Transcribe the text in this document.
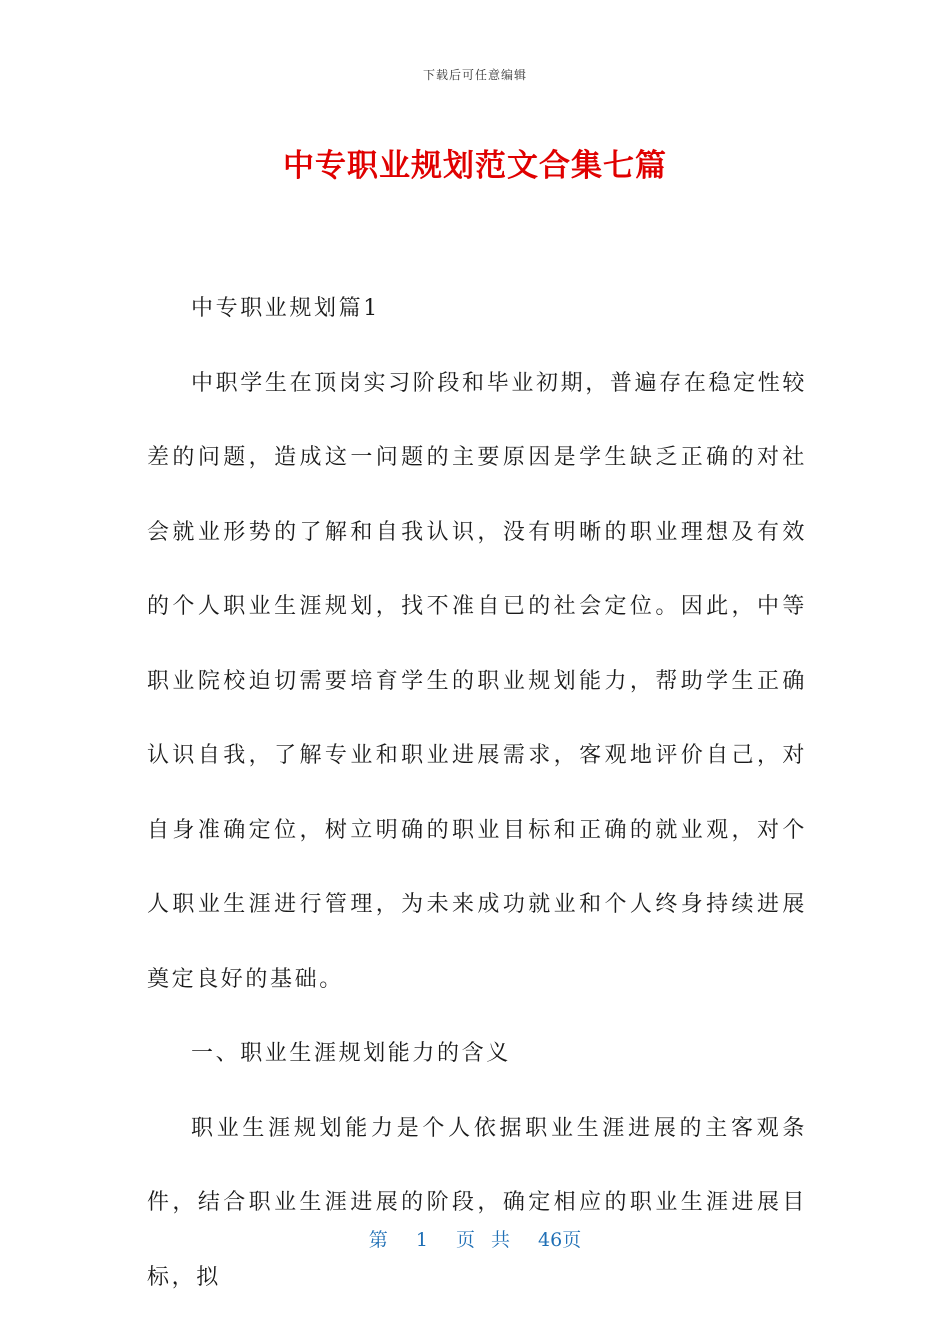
下载后可任意编辑
中专职业规划范文合集七篇

中专职业规划篇1

中职学生在顶岗实习阶段和毕业初期，普遍存在稳定性较差的问题，造成这一问题的主要原因是学生缺乏正确的对社会就业形势的了解和自我认识，没有明晰的职业理想及有效的个人职业生涯规划，找不准自已的社会定位。因此，中等职业院校迫切需要培育学生的职业规划能力，帮助学生正确认识自我，了解专业和职业进展需求，客观地评价自己，对自身准确定位，树立明确的职业目标和正确的就业观，对个人职业生涯进行管理，为未来成功就业和个人终身持续进展奠定良好的基础。

一、职业生涯规划能力的含义

职业生涯规划能力是个人依据职业生涯进展的主客观条件，结合职业生涯进展的阶段，确定相应的职业生涯进展目标，拟

第 1 页 共 46页
